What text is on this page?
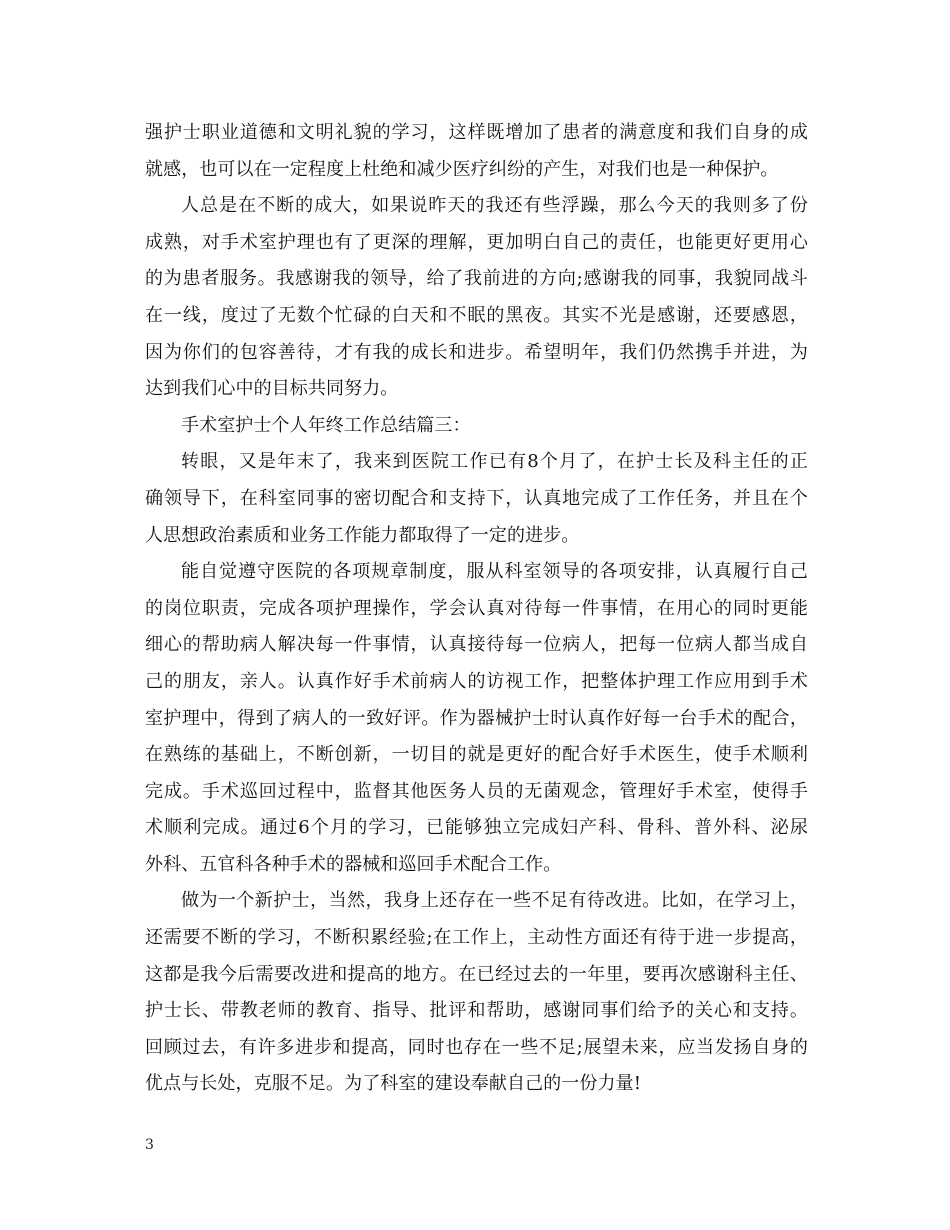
强护士职业道德和文明礼貌的学习，这样既增加了患者的满意度和我们自身的成
就感，也可以在一定程度上杜绝和减少医疗纠纷的产生，对我们也是一种保护。
人总是在不断的成大，如果说昨天的我还有些浮躁，那么今天的我则多了份
成熟，对手术室护理也有了更深的理解，更加明白自己的责任，也能更好更用心
的为患者服务。我感谢我的领导，给了我前进的方向;感谢我的同事，我貌同战斗
在一线，度过了无数个忙碌的白天和不眠的黑夜。其实不光是感谢，还要感恩，
因为你们的包容善待，才有我的成长和进步。希望明年，我们仍然携手并进，为
达到我们心中的目标共同努力。
手术室护士个人年终工作总结篇三：
转眼，又是年末了，我来到医院工作已有8个月了，在护士长及科主任的正
确领导下，在科室同事的密切配合和支持下，认真地完成了工作任务，并且在个
人思想政治素质和业务工作能力都取得了一定的进步。
能自觉遵守医院的各项规章制度，服从科室领导的各项安排，认真履行自己
的岗位职责，完成各项护理操作，学会认真对待每一件事情，在用心的同时更能
细心的帮助病人解决每一件事情，认真接待每一位病人，把每一位病人都当成自
己的朋友，亲人。认真作好手术前病人的访视工作，把整体护理工作应用到手术
室护理中，得到了病人的一致好评。作为器械护士时认真作好每一台手术的配合，
在熟练的基础上，不断创新，一切目的就是更好的配合好手术医生，使手术顺利
完成。手术巡回过程中，监督其他医务人员的无菌观念，管理好手术室，使得手
术顺利完成。通过6个月的学习，已能够独立完成妇产科、骨科、普外科、泌尿
外科、五官科各种手术的器械和巡回手术配合工作。
做为一个新护士，当然，我身上还存在一些不足有待改进。比如，在学习上，
还需要不断的学习，不断积累经验;在工作上，主动性方面还有待于进一步提高，
这都是我今后需要改进和提高的地方。在已经过去的一年里，要再次感谢科主任、
护士长、带教老师的教育、指导、批评和帮助，感谢同事们给予的关心和支持。
回顾过去，有许多进步和提高，同时也存在一些不足;展望未来，应当发扬自身的
优点与长处，克服不足。为了科室的建设奉献自己的一份力量!
3
